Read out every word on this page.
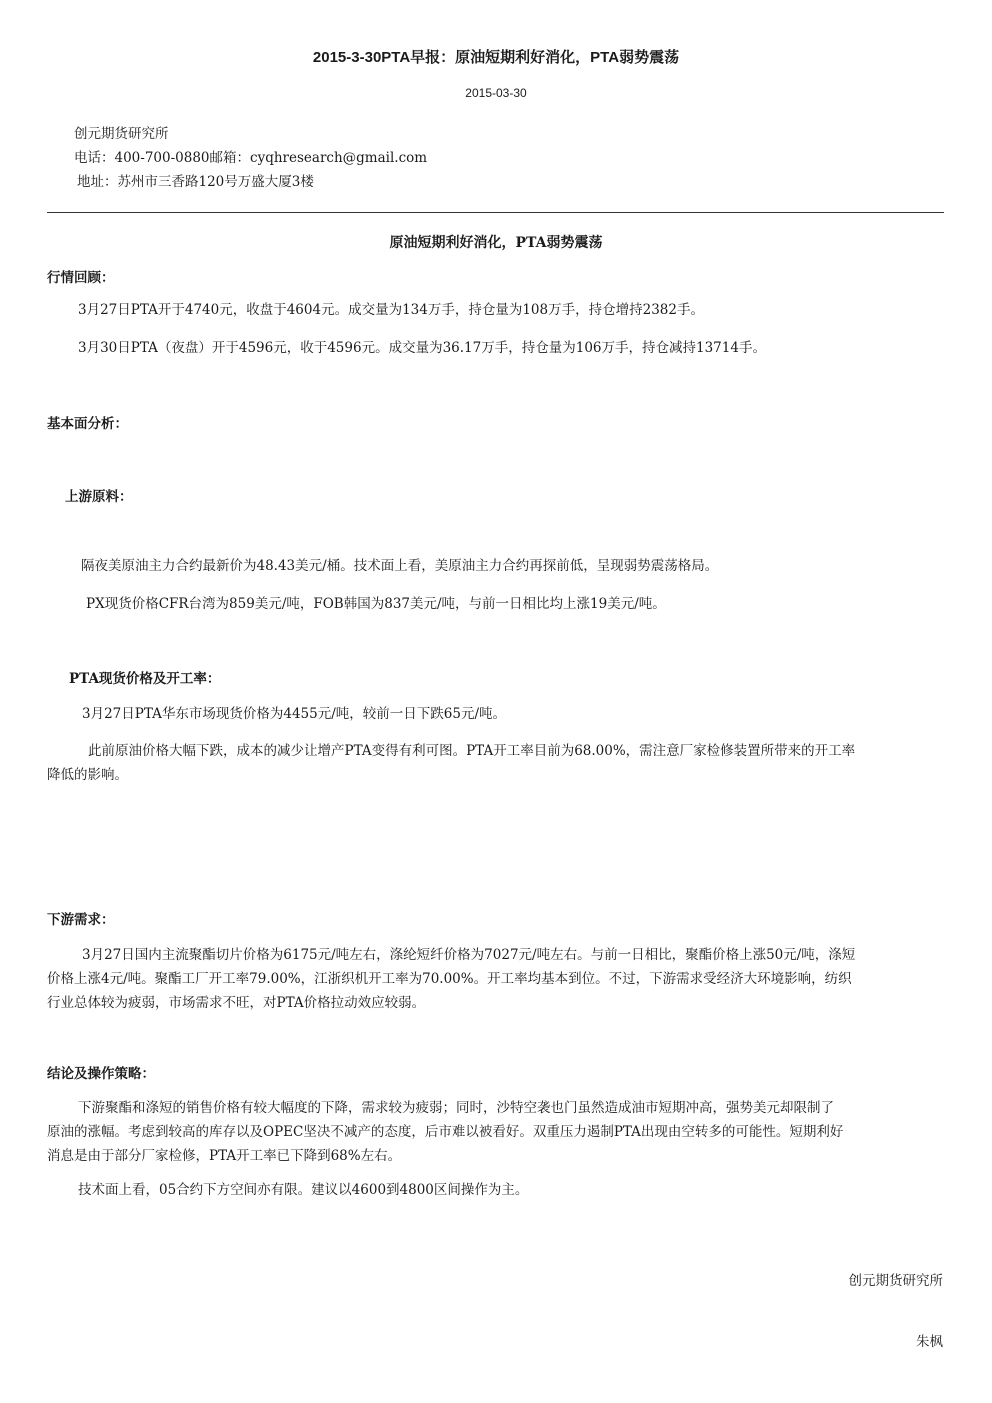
2015-3-30PTA早报：原油短期利好消化，PTA弱势震荡
2015-03-30
创元期货研究所
电话：400-700-0880邮箱：cyqhresearch@gmail.com
地址：苏州市三香路120号万盛大厦3楼
原油短期利好消化，PTA弱势震荡
行情回顾：
3月27日PTA开于4740元，收盘于4604元。成交量为134万手，持仓量为108万手，持仓增持2382手。
3月30日PTA（夜盘）开于4596元，收于4596元。成交量为36.17万手，持仓量为106万手，持仓减持13714手。
基本面分析：
上游原料：
隔夜美原油主力合约最新价为48.43美元/桶。技术面上看，美原油主力合约再探前低，呈现弱势震荡格局。
PX现货价格CFR台湾为859美元/吨，FOB韩国为837美元/吨，与前一日相比均上涨19美元/吨。
PTA现货价格及开工率：
3月27日PTA华东市场现货价格为4455元/吨，较前一日下跌65元/吨。
此前原油价格大幅下跌，成本的减少让增产PTA变得有利可图。PTA开工率目前为68.00%，需注意厂家检修装置所带来的开工率
降低的影响。
下游需求：
3月27日国内主流聚酯切片价格为6175元/吨左右，涤纶短纤价格为7027元/吨左右。与前一日相比，聚酯价格上涨50元/吨，涤短
价格上涨4元/吨。聚酯工厂开工率79.00%，江浙织机开工率为70.00%。开工率均基本到位。不过，下游需求受经济大环境影响，纺织
行业总体较为疲弱，市场需求不旺，对PTA价格拉动效应较弱。
结论及操作策略：
下游聚酯和涤短的销售价格有较大幅度的下降，需求较为疲弱；同时，沙特空袭也门虽然造成油市短期冲高，强势美元却限制了
原油的涨幅。考虑到较高的库存以及OPEC坚决不减产的态度，后市难以被看好。双重压力遏制PTA出现由空转多的可能性。短期利好
消息是由于部分厂家检修，PTA开工率已下降到68%左右。
技术面上看，05合约下方空间亦有限。建议以4600到4800区间操作为主。
创元期货研究所
朱枫
